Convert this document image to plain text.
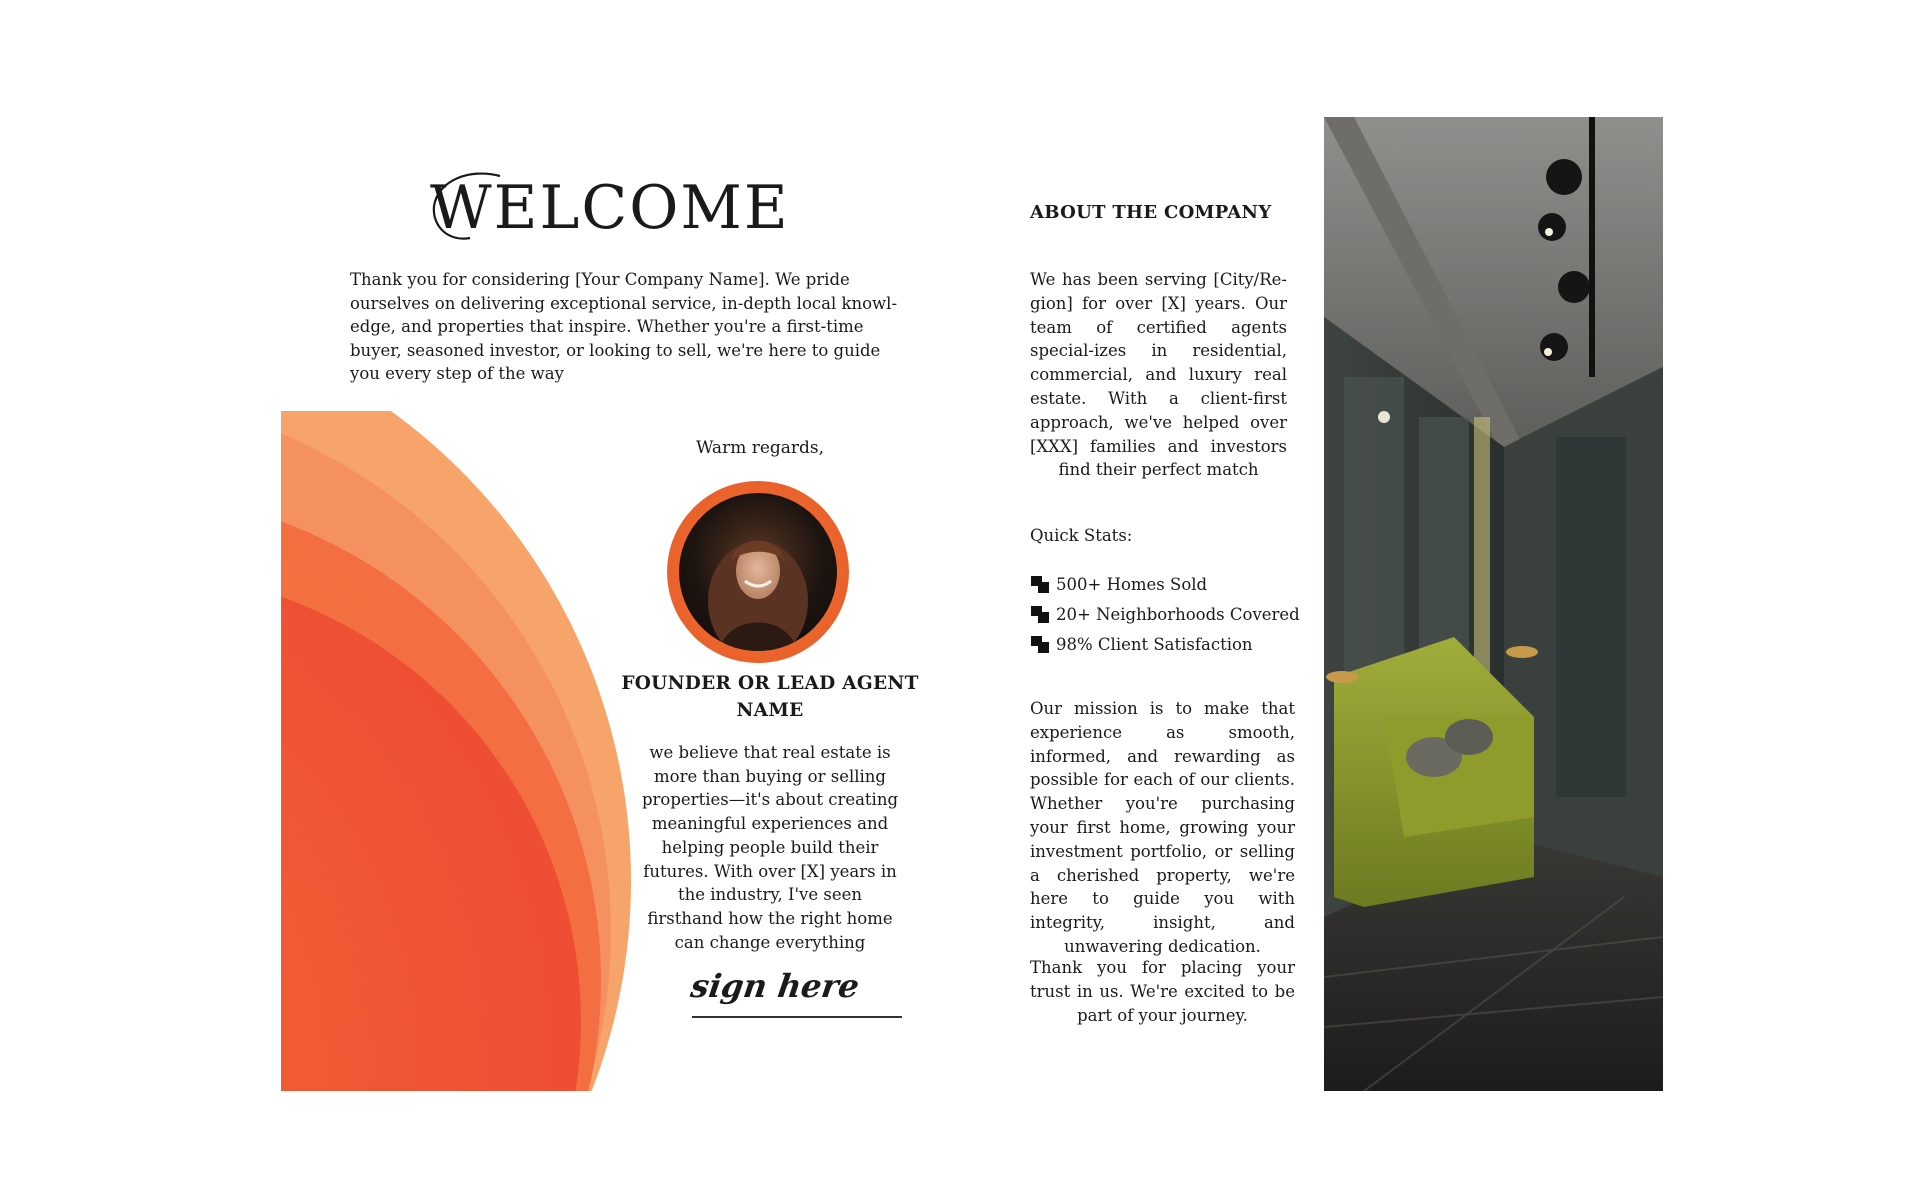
WELCOME
Thank you for considering [Your Company Name]. We pride ourselves on delivering exceptional service, in-depth local knowl-edge, and properties that inspire. Whether you're a first-time buyer, seasoned investor, or looking to sell, we're here to guide you every step of the way
Warm regards,
FOUNDER OR LEAD AGENT NAME
we believe that real estate is more than buying or selling properties—it's about creating meaningful experiences and helping people build their futures. With over [X] years in the industry, I've seen firsthand how the right home can change everything
sign here
ABOUT THE COMPANY
We has been serving [City/Re-gion] for over [X] years. Our team of certified agents special-izes in residential, commercial, and luxury real estate. With a client-first approach, we've helped over [XXX] families and investors find their perfect match
Quick Stats:
500+ Homes Sold
20+ Neighborhoods Covered
98% Client Satisfaction
Our mission is to make that experience as smooth, informed, and rewarding as possible for each of our clients. Whether you're purchasing your first home, growing your investment portfolio, or selling a cherished property, we're here to guide you with integrity, insight, and unwavering dedication.
Thank you for placing your trust in us. We're excited to be part of your journey.
